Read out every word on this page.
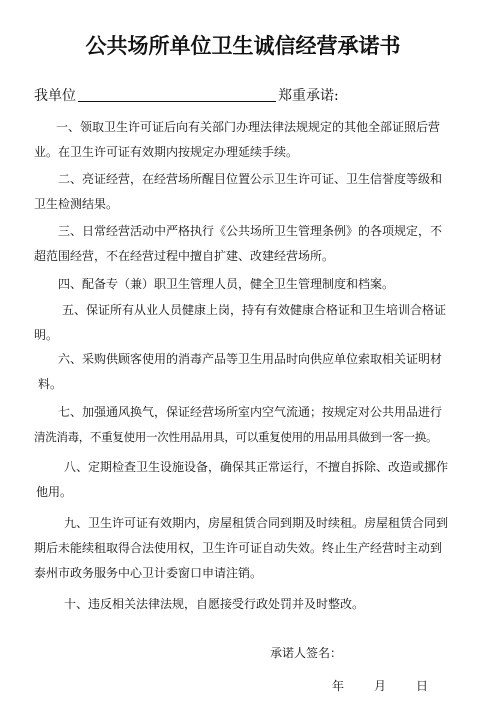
公共场所单位卫生诚信经营承诺书
我单位	郑重承诺:
一、领取卫生许可证后向有关部门办理法律法规规定的其他全部证照后营
业。在卫生许可证有效期内按规定办理延续手续。
二、亮证经营，在经营场所醒目位置公示卫生许可证、卫生信誉度等级和
卫生检测结果。
三、日常经营活动中严格执行《公共场所卫生管理条例》的各项规定，不
超范围经营，不在经营过程中擅自扩建、改建经营场所。
四、配备专（兼）职卫生管理人员，健全卫生管理制度和档案。
五、保证所有从业人员健康上岗，持有有效健康合格证和卫生培训合格证
明。
六、采购供顾客使用的消毒产品等卫生用品时向供应单位索取相关证明材
料。
七、加强通风换气，保证经营场所室内空气流通；按规定对公共用品进行
清洗消毒，不重复使用一次性用品用具，可以重复使用的用品用具做到一客一换。
八、定期检查卫生设施设备，确保其正常运行，不擅自拆除、改造或挪作
他用。
九、卫生许可证有效期内，房屋租赁合同到期及时续租。房屋租赁合同到
期后未能续租取得合法使用权，卫生许可证自动失效。终止生产经营时主动到
泰州市政务服务中心卫计委窗口申请注销。
十、违反相关法律法规，自愿接受行政处罚并及时整改。
承诺人签名：
年 月 日
